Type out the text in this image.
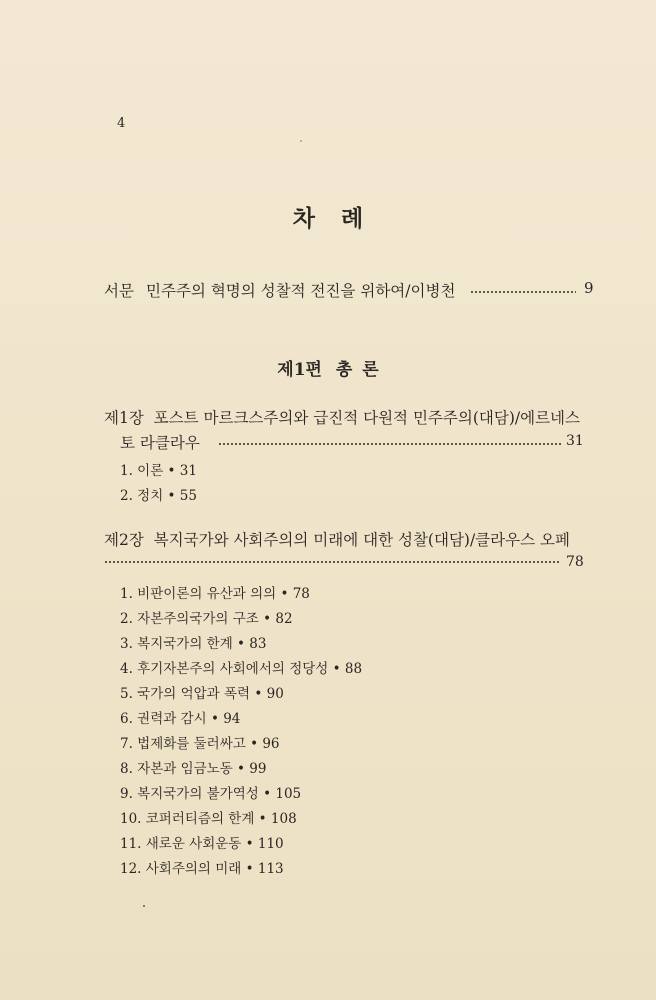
4
차 례
서문 민주주의 혁명의 성찰적 전진을 위하여/이병천	9
제1편 총 론
제1장 포스트 마르크스주의와 급진적 다원적 민주주의(대담)/에르네스
토 라클라우	31
1. 이론 • 31
2. 정치 • 55
제2장 복지국가와 사회주의의 미래에 대한 성찰(대담)/클라우스 오페
78
1. 비판이론의 유산과 의의 • 78
2. 자본주의국가의 구조 • 82
3. 복지국가의 한계 • 83
4. 후기자본주의 사회에서의 정당성 • 88
5. 국가의 억압과 폭력 • 90
6. 권력과 감시 • 94
7. 법제화를 둘러싸고 • 96
8. 자본과 임금노동 • 99
9. 복지국가의 불가역성 • 105
10. 코퍼러티즘의 한계 • 108
11. 새로운 사회운동 • 110
12. 사회주의의 미래 • 113
